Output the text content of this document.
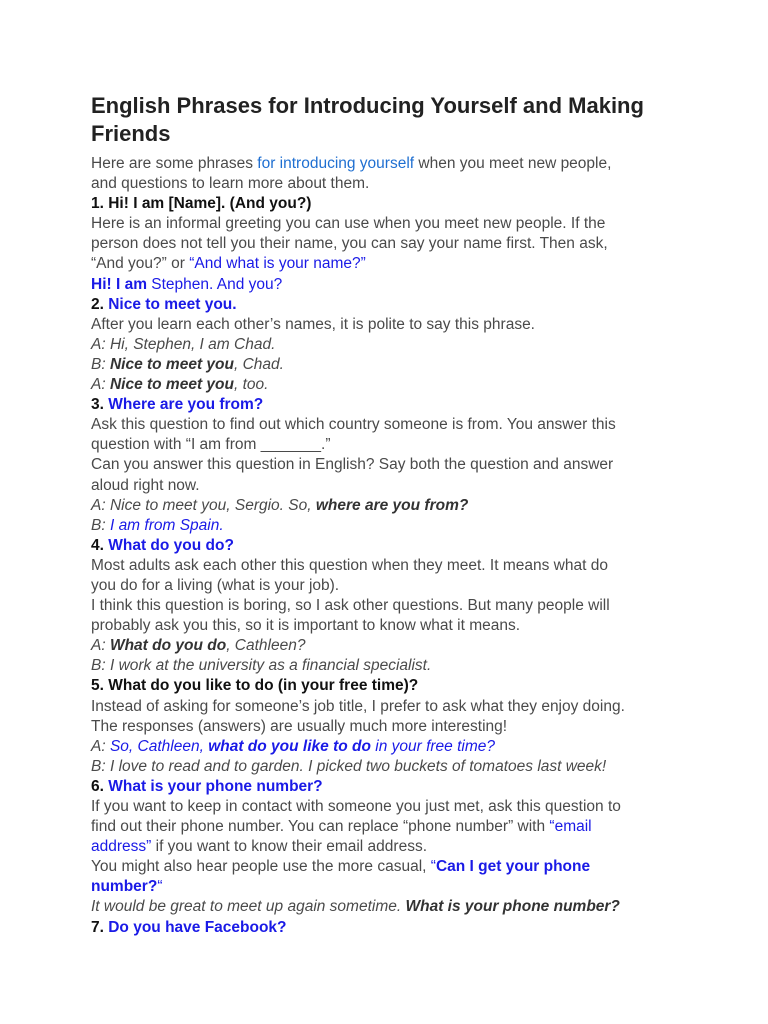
English Phrases for Introducing Yourself and Making
Friends
Here are some phrases for introducing yourself when you meet new people,
and questions to learn more about them.
1. Hi! I am [Name]. (And you?)
Here is an informal greeting you can use when you meet new people. If the
person does not tell you their name, you can say your name first. Then ask,
“And you?” or “And what is your name?”
Hi! I am Stephen. And you?
2. Nice to meet you.
After you learn each other’s names, it is polite to say this phrase.
A: Hi, Stephen, I am Chad.
B: Nice to meet you, Chad.
A: Nice to meet you, too.
3. Where are you from?
Ask this question to find out which country someone is from. You answer this
question with “I am from _______.”
Can you answer this question in English? Say both the question and answer
aloud right now.
A: Nice to meet you, Sergio. So, where are you from?
B: I am from Spain.
4. What do you do?
Most adults ask each other this question when they meet. It means what do
you do for a living (what is your job).
I think this question is boring, so I ask other questions. But many people will
probably ask you this, so it is important to know what it means.
A: What do you do, Cathleen?
B: I work at the university as a financial specialist.
5. What do you like to do (in your free time)?
Instead of asking for someone’s job title, I prefer to ask what they enjoy doing.
The responses (answers) are usually much more interesting!
A: So, Cathleen, what do you like to do in your free time?
B: I love to read and to garden. I picked two buckets of tomatoes last week!
6. What is your phone number?
If you want to keep in contact with someone you just met, ask this question to
find out their phone number. You can replace “phone number” with “email
address” if you want to know their email address.
You might also hear people use the more casual, “Can I get your phone
number?“
It would be great to meet up again sometime. What is your phone number?
7. Do you have Facebook?
